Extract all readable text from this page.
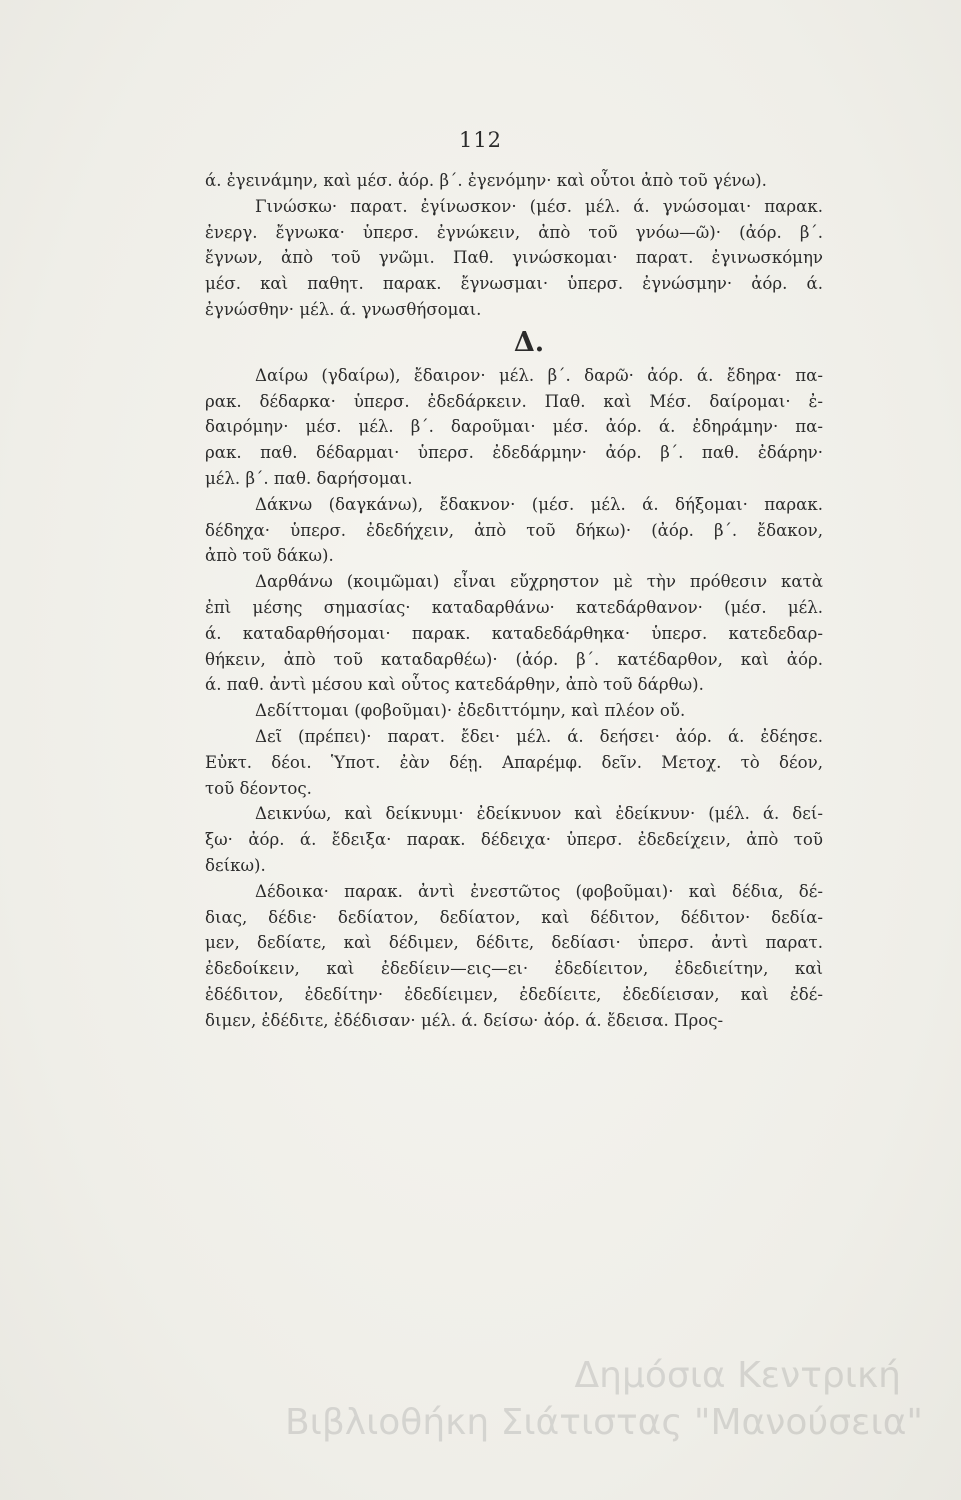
112
ά. ἐγεινάμην, καὶ μέσ. ἀόρ. β΄. ἐγενόμην· καὶ οὗτοι ἀπὸ τοῦ γένω).
Γινώσκω· παρατ. ἐγίνωσκον· (μέσ. μέλ. ά. γνώσομαι· παρακ.
ἐνεργ. ἔγνωκα· ὑπερσ. ἐγνώκειν, ἀπὸ τοῦ γνόω—ῶ)· (ἀόρ. β΄.
ἔγνων, ἀπὸ τοῦ γνῶμι. Παθ. γινώσκομαι· παρατ. ἐγινωσκόμην
μέσ. καὶ παθητ. παρακ. ἔγνωσμαι· ὑπερσ. ἐγνώσμην· ἀόρ. ά.
ἐγνώσθην· μέλ. ά. γνωσθήσομαι.
Δ.
Δαίρω (γδαίρω), ἔδαιρον· μέλ. β΄. δαρῶ· ἀόρ. ά. ἔδηρα· πα-
ρακ. δέδαρκα· ὑπερσ. ἐδεδάρκειν. Παθ. καὶ Μέσ. δαίρομαι· ἐ-
δαιρόμην· μέσ. μέλ. β΄. δαροῦμαι· μέσ. ἀόρ. ά. ἐδηράμην· πα-
ρακ. παθ. δέδαρμαι· ὑπερσ. ἐδεδάρμην· ἀόρ. β΄. παθ. ἐδάρην·
μέλ. β΄. παθ. δαρήσομαι.
Δάκνω (δαγκάνω), ἔδακνον· (μέσ. μέλ. ά. δήξομαι· παρακ.
δέδηχα· ὑπερσ. ἐδεδήχειν, ἀπὸ τοῦ δήκω)· (ἀόρ. β΄. ἔδακον,
ἀπὸ τοῦ δάκω).
Δαρθάνω (κοιμῶμαι) εἶναι εὔχρηστον μὲ τὴν πρόθεσιν κατὰ
ἐπὶ μέσης σημασίας· καταδαρθάνω· κατεδάρθανον· (μέσ. μέλ.
ά. καταδαρθήσομαι· παρακ. καταδεδάρθηκα· ὑπερσ. κατεδεδαρ-
θήκειν, ἀπὸ τοῦ καταδαρθέω)· (ἀόρ. β΄. κατέδαρθον, καὶ ἀόρ.
ά. παθ. ἀντὶ μέσου καὶ οὗτος κατεδάρθην, ἀπὸ τοῦ δάρθω).
Δεδίττομαι (φοβοῦμαι)· ἐδεδιττόμην, καὶ πλέον οὔ.
Δεῖ (πρέπει)· παρατ. ἔδει· μέλ. ά. δεήσει· ἀόρ. ά. ἐδέησε.
Εὐκτ. δέοι. Ὑποτ. ἐὰν δέῃ. Απαρέμφ. δεῖν. Μετοχ. τὸ δέον,
τοῦ δέοντος.
Δεικνύω, καὶ δείκνυμι· ἐδείκνυον καὶ ἐδείκνυν· (μέλ. ά. δεί-
ξω· ἀόρ. ά. ἔδειξα· παρακ. δέδειχα· ὑπερσ. ἐδεδείχειν, ἀπὸ τοῦ
δείκω).
Δέδοικα· παρακ. ἀντὶ ἐνεστῶτος (φοβοῦμαι)· καὶ δέδια, δέ-
διας, δέδιε· δεδίατον, δεδίατον, καὶ δέδιτον, δέδιτον· δεδία-
μεν, δεδίατε, καὶ δέδιμεν, δέδιτε, δεδίασι· ὑπερσ. ἀντὶ παρατ.
ἐδεδοίκειν, καὶ ἐδεδίειν—εις—ει· ἐδεδίειτον, ἐδεδιείτην, καὶ
ἐδέδιτον, ἐδεδίτην· ἐδεδίειμεν, ἐδεδίειτε, ἐδεδίεισαν, καὶ ἐδέ-
διμεν, ἐδέδιτε, ἐδέδισαν· μέλ. ά. δείσω· ἀόρ. ά. ἔδεισα. Προς-
Δημόσια Κεντρική
Βιβλιοθήκη Σιάτιστας "Μανούσεια"
